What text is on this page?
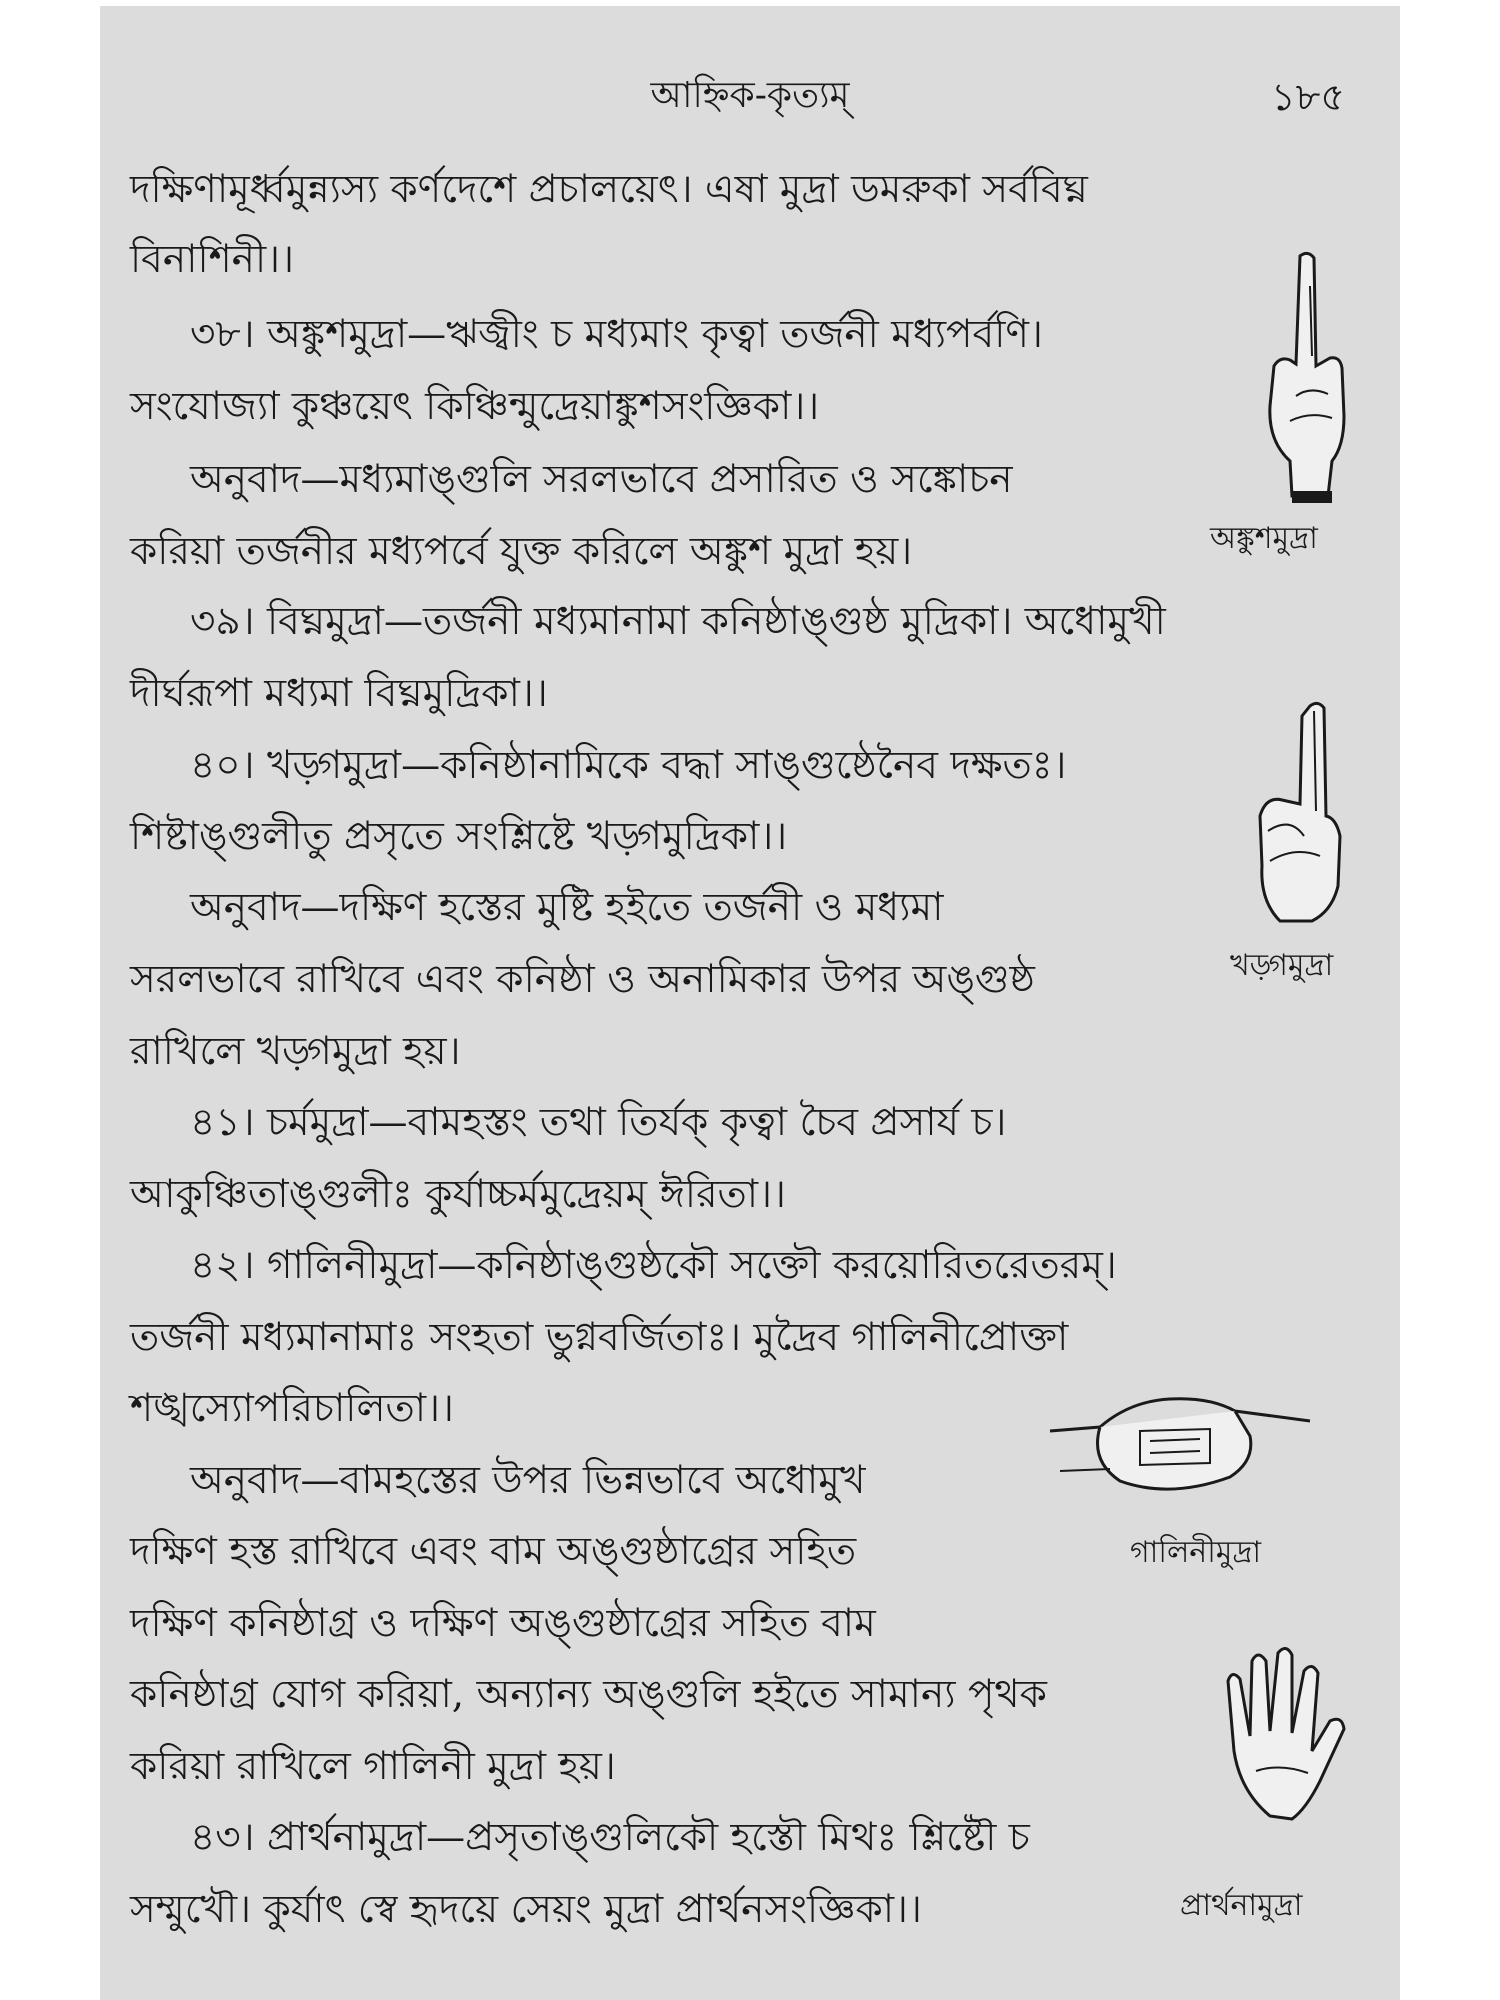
আহ্নিক-কৃত্যম্	১৮৫
দক্ষিণামূর্ধ্বমুন্ন্যস্য কর্ণদেশে প্রচালয়েৎ। এষা মুদ্রা ডমরুকা সর্ববিঘ্ন
বিনাশিনী।।
৩৮। অঙ্কুশমুদ্রা—ঋজ্বীং চ মধ্যমাং কৃত্বা তর্জনী মধ্যপর্বণি।
সংযোজ্যা কুঞ্চয়েৎ কিঞ্চিন্মুদ্রেয়াঙ্কুশসংজ্ঞিকা।।
অনুবাদ—মধ্যমাঙ্গুলি সরলভাবে প্রসারিত ও সঙ্কোচন
করিয়া তর্জনীর মধ্যপর্বে যুক্ত করিলে অঙ্কুশ মুদ্রা হয়।
৩৯। বিঘ্নমুদ্রা—তর্জনী মধ্যমানামা কনিষ্ঠাঙ্গুষ্ঠ মুদ্রিকা। অধোমুখী
দীর্ঘরূপা মধ্যমা বিঘ্নমুদ্রিকা।।
৪০। খড়্গমুদ্রা—কনিষ্ঠানামিকে বদ্ধা সাঙ্গুষ্ঠেনৈব দক্ষতঃ।
শিষ্টাঙ্গুলীতু প্রসৃতে সংশ্লিষ্টে খড়্গমুদ্রিকা।।
অনুবাদ—দক্ষিণ হস্তের মুষ্টি হইতে তর্জনী ও মধ্যমা
সরলভাবে রাখিবে এবং কনিষ্ঠা ও অনামিকার উপর অঙ্গুষ্ঠ
রাখিলে খড়্গমুদ্রা হয়।
৪১। চর্মমুদ্রা—বামহস্তং তথা তির্যক্ কৃত্বা চৈব প্রসার্য চ।
আকুঞ্চিতাঙ্গুলীঃ কুর্যাচ্চর্মমুদ্রেয়ম্ ঈরিতা।।
৪২। গালিনীমুদ্রা—কনিষ্ঠাঙ্গুষ্ঠকৌ সক্তৌ করয়োরিতরেতরম্।
তর্জনী মধ্যমানামাঃ সংহতা ভুগ্নবর্জিতাঃ। মুদ্রৈব গালিনীপ্রোক্তা
শঙ্খস্যোপরিচালিতা।।
অনুবাদ—বামহস্তের উপর ভিন্নভাবে অধোমুখ
দক্ষিণ হস্ত রাখিবে এবং বাম অঙ্গুষ্ঠাগ্রের সহিত
দক্ষিণ কনিষ্ঠাগ্র ও দক্ষিণ অঙ্গুষ্ঠাগ্রের সহিত বাম
কনিষ্ঠাগ্র যোগ করিয়া, অন্যান্য অঙ্গুলি হইতে সামান্য পৃথক
করিয়া রাখিলে গালিনী মুদ্রা হয়।
৪৩। প্রার্থনামুদ্রা—প্রসৃতাঙ্গুলিকৌ হস্তৌ মিথঃ শ্লিষ্টৌ চ
সম্মুখৌ। কুর্যাৎ স্বে হৃদয়ে সেয়ং মুদ্রা প্রার্থনসংজ্ঞিকা।।
অঙ্কুশমুদ্রা
খড়্গমুদ্রা
গালিনীমুদ্রা
প্রার্থনামুদ্রা
